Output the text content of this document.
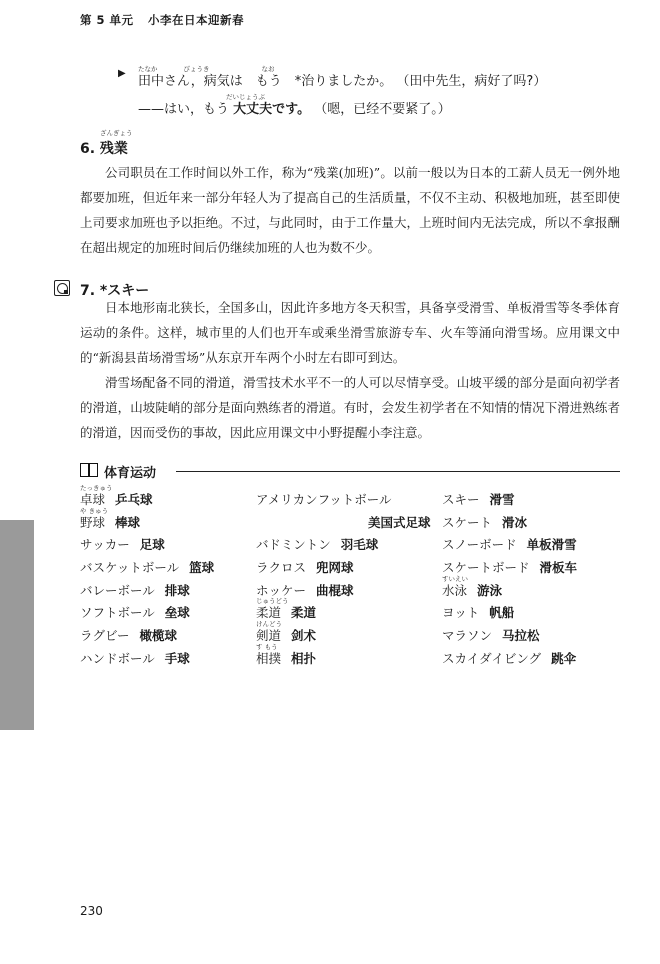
第 5 单元 小李在日本迎新春
▶ たなか　　　　びょうき　　　　　　　　なお
田中さん，病気は　もう　*治りましたか。 （田中先生，病好了吗?）
だいじょうぶ
——はい，もう 大丈夫です。 （嗯，已经不要紧了。）
ざんぎょう
6. 残業

公司职员在工作时间以外工作，称为“残業(加班)”。以前一般以为日本的工薪人员无一例外地都要加班，但近年来一部分年轻人为了提高自己的生活质量，不仅不主动、积极地加班，甚至即使上司要求加班也予以拒绝。不过，与此同时，由于工作量大，上班时间内无法完成，所以不拿报酬在超出规定的加班时间后仍继续加班的人也为数不少。

7. *スキー

日本地形南北狭长，全国多山，因此许多地方冬天积雪，具备享受滑雪、单板滑雪等冬季体育运动的条件。这样，城市里的人们也开车或乘坐滑雪旅游专车、火车等涌向滑雪场。应用课文中的“新潟县苗场滑雪场”从东京开车两个小时左右即可到达。

滑雪场配备不同的滑道，滑雪技术水平不一的人可以尽情享受。山坡平缓的部分是面向初学者的滑道，山坡陡峭的部分是面向熟练者的滑道。有时，会发生初学者在不知情的情况下滑进熟练者的滑道，因而受伤的事故，因此应用课文中小野提醒小李注意。

体育运动
たっきゅう
卓球 乒乓球
や きゅう
野球 棒球
サッカー 足球
バスケットボール 篮球
バレーボール 排球
ソフトボール 垒球
ラグビー 橄榄球
ハンドボール 手球
アメリカンフットボール
美国式足球
バドミントン 羽毛球
ラクロス 兜网球
ホッケー 曲棍球
じゅうどう
柔道 柔道
けんどう
剣道 剑术
す もう
相撲 相扑
スキー 滑雪
スケート 滑冰
スノーボード 单板滑雪
スケートボード 滑板车
すいえい
水泳 游泳
ヨット 帆船
マラソン 马拉松
スカイダイビング 跳伞
230
